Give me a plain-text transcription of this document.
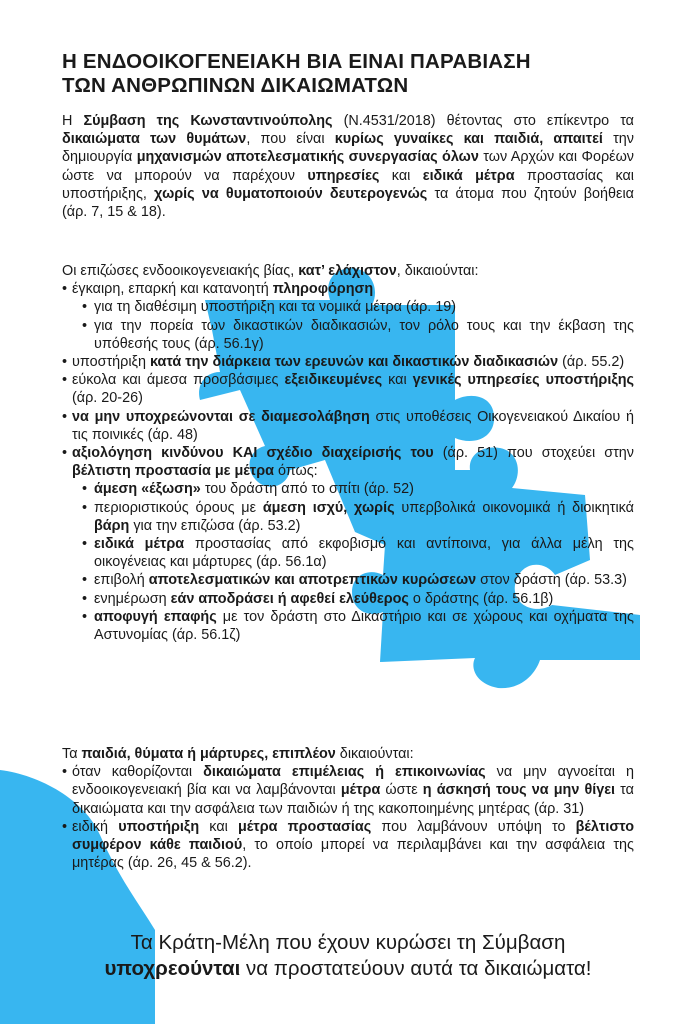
Η ΕΝΔΟΟΙΚΟΓΕΝΕΙΑΚΗ ΒΙΑ ΕΙΝΑΙ ΠΑΡΑΒΙΑΣΗ
ΤΩΝ ΑΝΘΡΩΠΙΝΩΝ ΔΙΚΑΙΩΜΑΤΩΝ

Η Σύμβαση της Κωνσταντινούπολης (Ν.4531/2018) θέτοντας στο επίκεντρο τα δικαιώματα των θυμάτων, που είναι κυρίως γυναίκες και παιδιά, απαιτεί την δημιουργία μηχανισμών αποτελεσματικής συνεργασίας όλων των Αρχών και Φορέων ώστε να μπορούν να παρέχουν υπηρεσίες και ειδικά μέτρα προστασίας και υποστήριξης, χωρίς να θυματοποιούν δευτερογενώς τα άτομα που ζητούν βοήθεια (άρ. 7, 15 & 18).

Οι επιζώσες ενδοοικογενειακής βίας, κατ’ ελάχιστον, δικαιούνται:

• έγκαιρη, επαρκή και κατανοητή πληροφόρηση
• για τη διαθέσιμη υποστήριξη και τα νομικά μέτρα (άρ. 19)
• για την πορεία των δικαστικών διαδικασιών, τον ρόλο τους και την έκβαση της υπόθεσής τους (άρ. 56.1γ)
• υποστήριξη κατά την διάρκεια των ερευνών και δικαστικών διαδικασιών (άρ. 55.2)
• εύκολα και άμεσα προσβάσιμες εξειδικευμένες και γενικές υπηρεσίες υποστήριξης (άρ. 20-26)
• να μην υποχρεώνονται σε διαμεσολάβηση στις υποθέσεις Οικογενειακού Δικαίου ή τις ποινικές (άρ. 48)
• αξιολόγηση κινδύνου ΚΑΙ σχέδιο διαχείρισής του (άρ. 51) που στοχεύει στην βέλτιστη προστασία με μέτρα όπως:
• άμεση «έξωση» του δράστη από το σπίτι (άρ. 52)
• περιοριστικούς όρους με άμεση ισχύ, χωρίς υπερβολικά οικονομικά ή διοικητικά βάρη για την επιζώσα (άρ. 53.2)
• ειδικά μέτρα προστασίας από εκφοβισμό και αντίποινα, για άλλα μέλη της οικογένειας και μάρτυρες (άρ. 56.1α)
• επιβολή αποτελεσματικών και αποτρεπτικών κυρώσεων στον δράστη (άρ. 53.3)
• ενημέρωση εάν αποδράσει ή αφεθεί ελεύθερος ο δράστης (άρ. 56.1β)
• αποφυγή επαφής με τον δράστη στο Δικαστήριο και σε χώρους και οχήματα της Αστυνομίας (άρ. 56.1ζ)

Τα παιδιά, θύματα ή μάρτυρες, επιπλέον δικαιούνται:

• όταν καθορίζονται δικαιώματα επιμέλειας ή επικοινωνίας να μην αγνοείται η ενδοοικογενειακή βία και να λαμβάνονται μέτρα ώστε η άσκησή τους να μην θίγει τα δικαιώματα και την ασφάλεια των παιδιών ή της κακοποιημένης μητέρας (άρ. 31)
• ειδική υποστήριξη και μέτρα προστασίας που λαμβάνουν υπόψη το βέλτιστο συμφέρον κάθε παιδιού, το οποίο μπορεί να περιλαμβάνει και την ασφάλεια της μητέρας (άρ. 26, 45 & 56.2).
Τα Κράτη-Μέλη που έχουν κυρώσει τη Σύμβαση
υποχρεούνται να προστατεύουν αυτά τα δικαιώματα!
